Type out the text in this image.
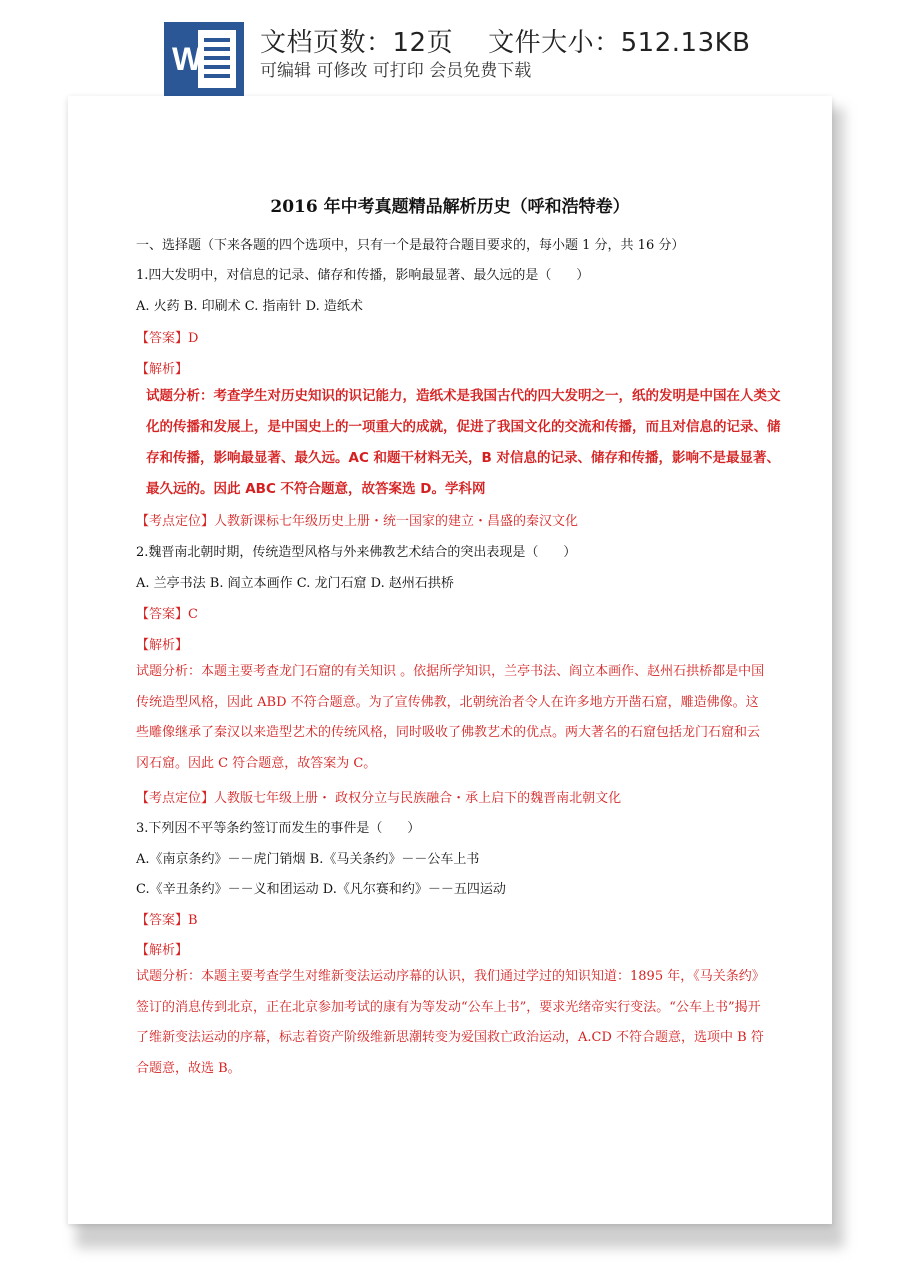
W 文档页数：12页    文件大小：512.13KB
可编辑 可修改 可打印 会员免费下载
2016 年中考真题精品解析历史（呼和浩特卷）
一、选择题（下来各题的四个选项中，只有一个是最符合题目要求的，每小题 1 分，共 16 分）
1.四大发明中，对信息的记录、储存和传播，影响最显著、最久远的是（      ）
A. 火药 B. 印刷术 C. 指南针 D. 造纸术
【答案】D
【解析】
试题分析：考查学生对历史知识的识记能力，造纸术是我国古代的四大发明之一，纸的发明是中国在人类文化的传播和发展上，是中国史上的一项重大的成就，促进了我国文化的交流和传播，而且对信息的记录、储存和传播，影响最显著、最久远。AC 和题干材料无关，B 对信息的记录、储存和传播，影响不是最显著、最久远的。因此 ABC 不符合题意，故答案选 D。学科网
【考点定位】人教新课标七年级历史上册・统一国家的建立・昌盛的秦汉文化
2.魏晋南北朝时期，传统造型风格与外来佛教艺术结合的突出表现是（      ）
A. 兰亭书法 B. 阎立本画作 C. 龙门石窟 D. 赵州石拱桥
【答案】C
【解析】
试题分析：本题主要考查龙门石窟的有关知识 。依据所学知识，兰亭书法、阎立本画作、赵州石拱桥都是中国传统造型风格，因此 ABD 不符合题意。为了宣传佛教，北朝统治者令人在许多地方开凿石窟，雕造佛像。这些雕像继承了秦汉以来造型艺术的传统风格，同时吸收了佛教艺术的优点。两大著名的石窟包括龙门石窟和云冈石窟。因此 C 符合题意，故答案为 C。
【考点定位】人教版七年级上册・ 政权分立与民族融合・承上启下的魏晋南北朝文化
3.下列因不平等条约签订而发生的事件是（      ）
A.《南京条约》－－虎门销烟 B.《马关条约》－－公车上书
C.《辛丑条约》－－义和团运动 D.《凡尔赛和约》－－五四运动
【答案】B
【解析】
试题分析：本题主要考查学生对维新变法运动序幕的认识，我们通过学过的知识知道：1895 年，《马关条约》签订的消息传到北京，正在北京参加考试的康有为等发动“公车上书”，要求光绪帝实行变法。“公车上书”揭开了维新变法运动的序幕，标志着资产阶级维新思潮转变为爱国救亡政治运动，A.CD 不符合题意，选项中 B 符合题意，故选 B。
